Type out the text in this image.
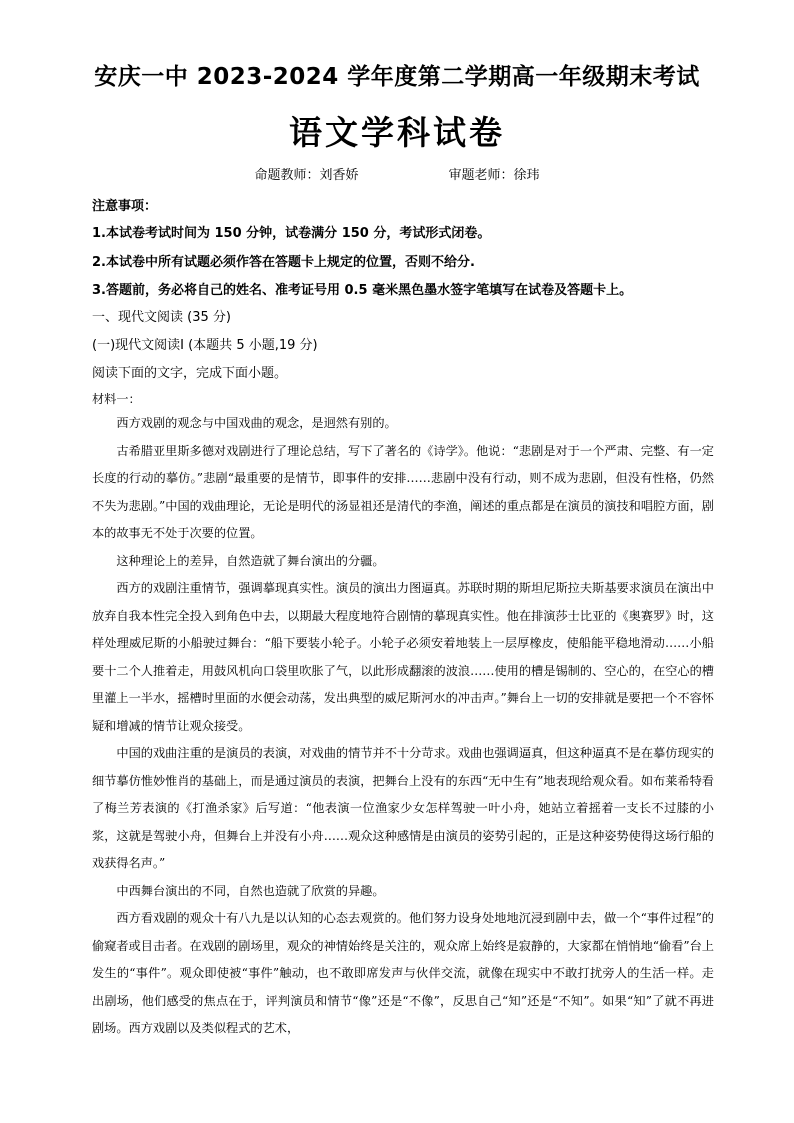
安庆一中 2023-2024 学年度第二学期高一年级期末考试
语文学科试卷
命题教师：刘香娇	审题老师：徐玮
注意事项：
1.本试卷考试时间为 150 分钟，试卷满分 150 分，考试形式闭卷。
2.本试卷中所有试题必须作答在答题卡上规定的位置，否则不给分.
3.答题前，务必将自己的姓名、准考证号用 0.5 毫米黑色墨水签字笔填写在试卷及答题卡上。
一、现代文阅读 (35 分)
(一)现代文阅读Ⅰ (本题共 5 小题,19 分)
阅读下面的文字，完成下面小题。
材料一：

西方戏剧的观念与中国戏曲的观念，是迥然有别的。

古希腊亚里斯多德对戏剧进行了理论总结，写下了著名的《诗学》。他说：“悲剧是对于一个严肃、完整、有一定长度的行动的摹仿。”悲剧“最重要的是情节，即事件的安排……悲剧中没有行动，则不成为悲剧，但没有性格，仍然不失为悲剧。”中国的戏曲理论，无论是明代的汤显祖还是清代的李渔，阐述的重点都是在演员的演技和唱腔方面，剧本的故事无不处于次要的位置。

这种理论上的差异，自然造就了舞台演出的分疆。

西方的戏剧注重情节，强调摹现真实性。演员的演出力图逼真。苏联时期的斯坦尼斯拉夫斯基要求演员在演出中放弃自我本性完全投入到角色中去，以期最大程度地符合剧情的摹现真实性。他在排演莎士比亚的《奥赛罗》时，这样处理威尼斯的小船驶过舞台：“船下要装小轮子。小轮子必须安着地装上一层厚橡皮，使船能平稳地滑动……小船要十二个人推着走，用鼓风机向口袋里吹胀了气，以此形成翻滚的波浪……使用的槽是锡制的、空心的，在空心的槽里灌上一半水，摇槽时里面的水便会动荡，发出典型的威尼斯河水的冲击声。”舞台上一切的安排就是要把一个不容怀疑和增减的情节让观众接受。

中国的戏曲注重的是演员的表演，对戏曲的情节并不十分苛求。戏曲也强调逼真，但这种逼真不是在摹仿现实的细节摹仿惟妙惟肖的基础上，而是通过演员的表演，把舞台上没有的东西“无中生有”地表现给观众看。如布莱希特看了梅兰芳表演的《打渔杀家》后写道：“他表演一位渔家少女怎样驾驶一叶小舟，她站立着摇着一支长不过膝的小浆，这就是驾驶小舟，但舞台上并没有小舟……观众这种感情是由演员的姿势引起的，正是这种姿势使得这场行船的戏获得名声。”

中西舞台演出的不同，自然也造就了欣赏的异趣。

西方看戏剧的观众十有八九是以认知的心态去观赏的。他们努力设身处地地沉浸到剧中去，做一个“事件过程”的偷窥者或目击者。在戏剧的剧场里，观众的神情始终是关注的，观众席上始终是寂静的，大家都在悄悄地“偷看”台上发生的“事件”。观众即使被“事件”触动，也不敢即席发声与伙伴交流，就像在现实中不敢打扰旁人的生活一样。走出剧场，他们感受的焦点在于，评判演员和情节“像”还是“不像”，反思自己“知”还是“不知”。如果“知”了就不再进剧场。西方戏剧以及类似程式的艺术，
